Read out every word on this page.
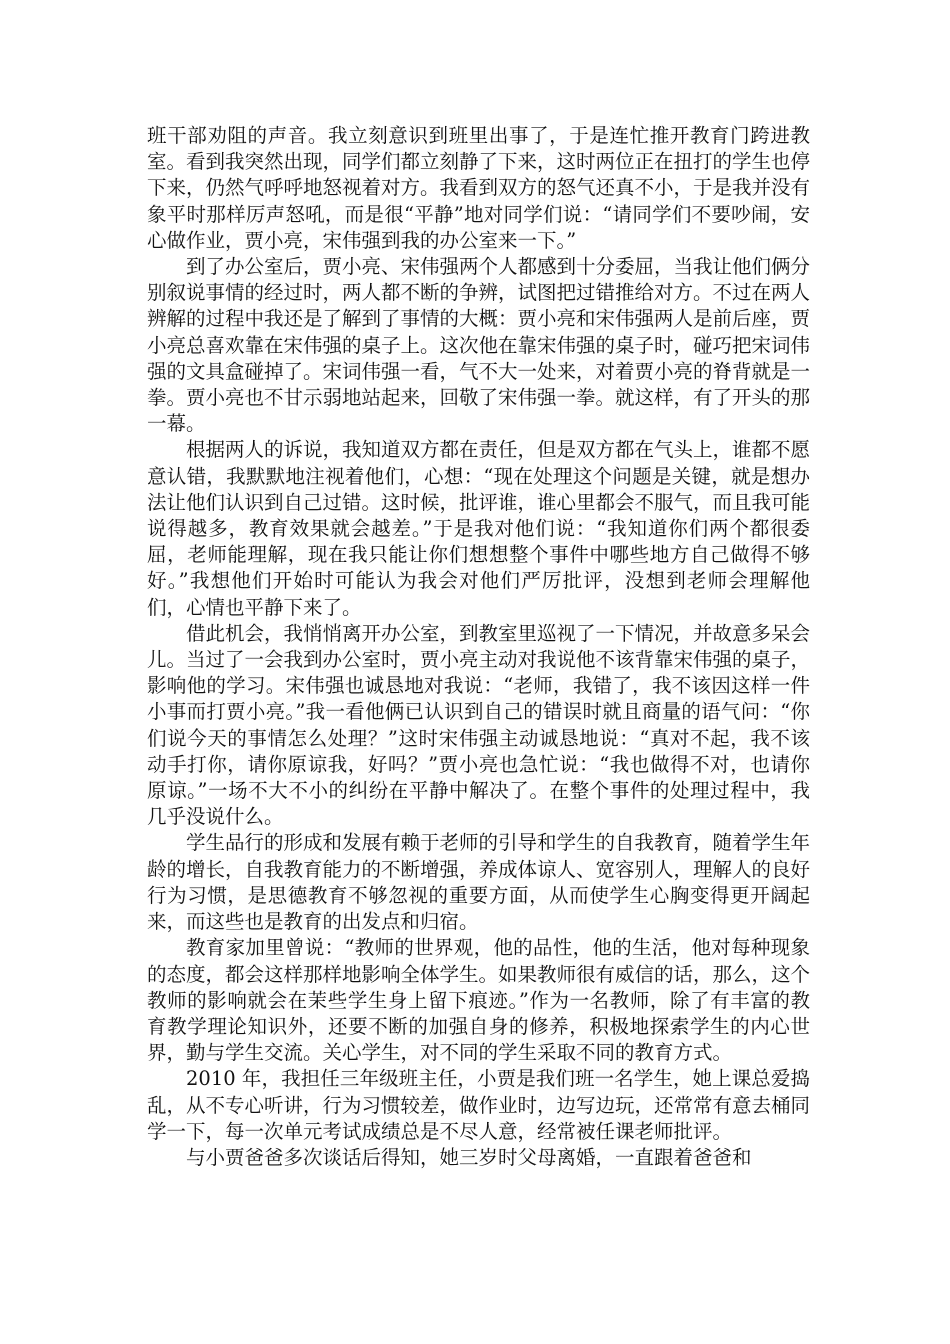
班干部劝阻的声音。我立刻意识到班里出事了，于是连忙推开教育门跨进教室。看到我突然出现，同学们都立刻静了下来，这时两位正在扭打的学生也停下来，仍然气呼呼地怒视着对方。我看到双方的怒气还真不小，于是我并没有象平时那样厉声怒吼，而是很“平静”地对同学们说：“请同学们不要吵闹，安心做作业，贾小亮，宋伟强到我的办公室来一下。”

到了办公室后，贾小亮、宋伟强两个人都感到十分委屈，当我让他们俩分别叙说事情的经过时，两人都不断的争辨，试图把过错推给对方。不过在两人辨解的过程中我还是了解到了事情的大概：贾小亮和宋伟强两人是前后座，贾小亮总喜欢靠在宋伟强的桌子上。这次他在靠宋伟强的桌子时，碰巧把宋词伟强的文具盒碰掉了。宋词伟强一看，气不大一处来，对着贾小亮的脊背就是一拳。贾小亮也不甘示弱地站起来，回敬了宋伟强一拳。就这样，有了开头的那一幕。

根据两人的诉说，我知道双方都在责任，但是双方都在气头上，谁都不愿意认错，我默默地注视着他们，心想：“现在处理这个问题是关键，就是想办法让他们认识到自己过错。这时候，批评谁，谁心里都会不服气，而且我可能说得越多，教育效果就会越差。”于是我对他们说：“我知道你们两个都很委屈，老师能理解，现在我只能让你们想想整个事件中哪些地方自己做得不够好。”我想他们开始时可能认为我会对他们严厉批评，没想到老师会理解他们，心情也平静下来了。

借此机会，我悄悄离开办公室，到教室里巡视了一下情况，并故意多呆会儿。当过了一会我到办公室时，贾小亮主动对我说他不该背靠宋伟强的桌子，影响他的学习。宋伟强也诚恳地对我说：“老师，我错了，我不该因这样一件小事而打贾小亮。”我一看他俩已认识到自己的错误时就且商量的语气问：“你们说今天的事情怎么处理？”这时宋伟强主动诚恳地说：“真对不起，我不该动手打你，请你原谅我，好吗？”贾小亮也急忙说：“我也做得不对，也请你原谅。”一场不大不小的纠纷在平静中解决了。在整个事件的处理过程中，我几乎没说什么。

学生品行的形成和发展有赖于老师的引导和学生的自我教育，随着学生年龄的增长，自我教育能力的不断增强，养成体谅人、宽容别人，理解人的良好行为习惯，是思德教育不够忽视的重要方面，从而使学生心胸变得更开阔起来，而这些也是教育的出发点和归宿。

教育家加里曾说：“教师的世界观，他的品性，他的生活，他对每种现象的态度，都会这样那样地影响全体学生。如果教师很有威信的话，那么，这个教师的影响就会在茉些学生身上留下痕迹。”作为一名教师，除了有丰富的教育教学理论知识外，还要不断的加强自身的修养，积极地探索学生的内心世界，勤与学生交流。关心学生，对不同的学生采取不同的教育方式。

2010 年，我担任三年级班主任，小贾是我们班一名学生，她上课总爱捣乱，从不专心听讲，行为习惯较差，做作业时，边写边玩，还常常有意去桶同学一下，每一次单元考试成绩总是不尽人意，经常被任课老师批评。

与小贾爸爸多次谈话后得知，她三岁时父母离婚，一直跟着爸爸和
